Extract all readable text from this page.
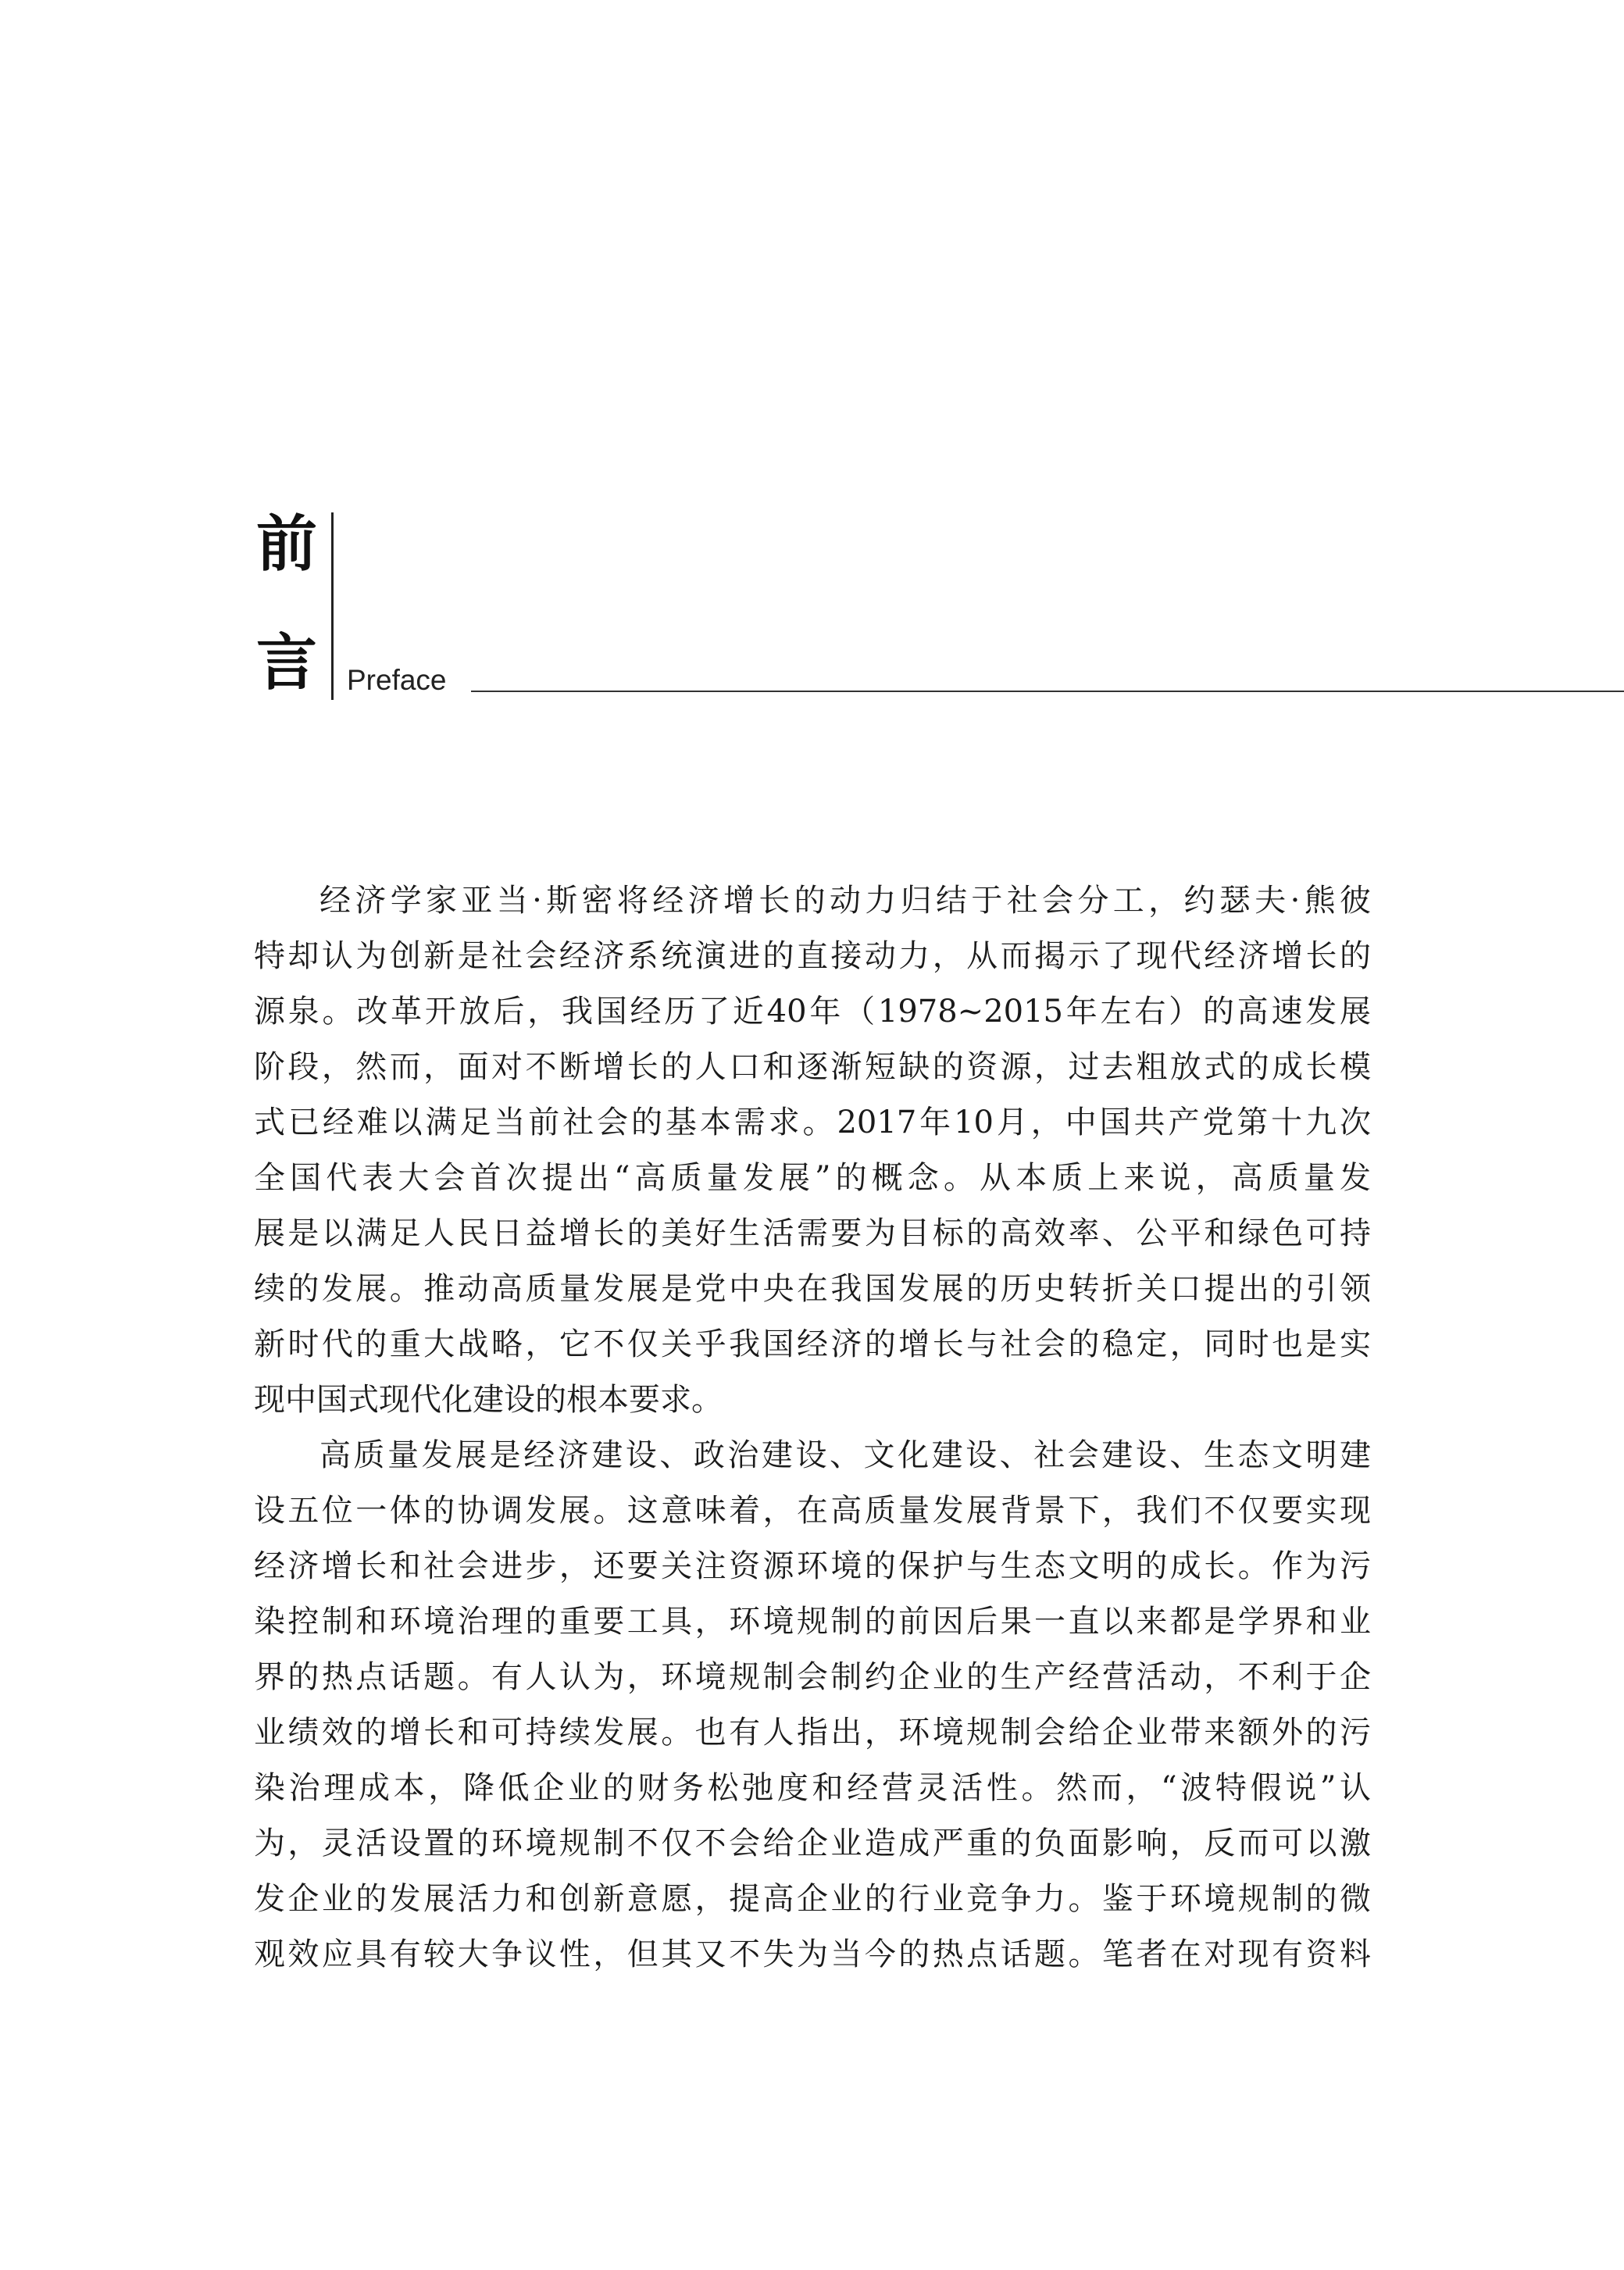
前
言 Preface
经济学家亚当·斯密将经济增长的动力归结于社会分工，约瑟夫·熊彼
特却认为创新是社会经济系统演进的直接动力，从而揭示了现代经济增长的
源泉。改革开放后，我国经历了近40年（1978~2015年左右）的高速发展
阶段，然而，面对不断增长的人口和逐渐短缺的资源，过去粗放式的成长模
式已经难以满足当前社会的基本需求。2017年10月，中国共产党第十九次
全国代表大会首次提出“高质量发展”的概念。从本质上来说，高质量发
展是以满足人民日益增长的美好生活需要为目标的高效率、公平和绿色可持
续的发展。推动高质量发展是党中央在我国发展的历史转折关口提出的引领
新时代的重大战略，它不仅关乎我国经济的增长与社会的稳定，同时也是实
现中国式现代化建设的根本要求。
高质量发展是经济建设、政治建设、文化建设、社会建设、生态文明建
设五位一体的协调发展。这意味着，在高质量发展背景下，我们不仅要实现
经济增长和社会进步，还要关注资源环境的保护与生态文明的成长。作为污
染控制和环境治理的重要工具，环境规制的前因后果一直以来都是学界和业
界的热点话题。有人认为，环境规制会制约企业的生产经营活动，不利于企
业绩效的增长和可持续发展。也有人指出，环境规制会给企业带来额外的污
染治理成本，降低企业的财务松弛度和经营灵活性。然而，“波特假说”认
为，灵活设置的环境规制不仅不会给企业造成严重的负面影响，反而可以激
发企业的发展活力和创新意愿，提高企业的行业竞争力。鉴于环境规制的微
观效应具有较大争议性，但其又不失为当今的热点话题。笔者在对现有资料
